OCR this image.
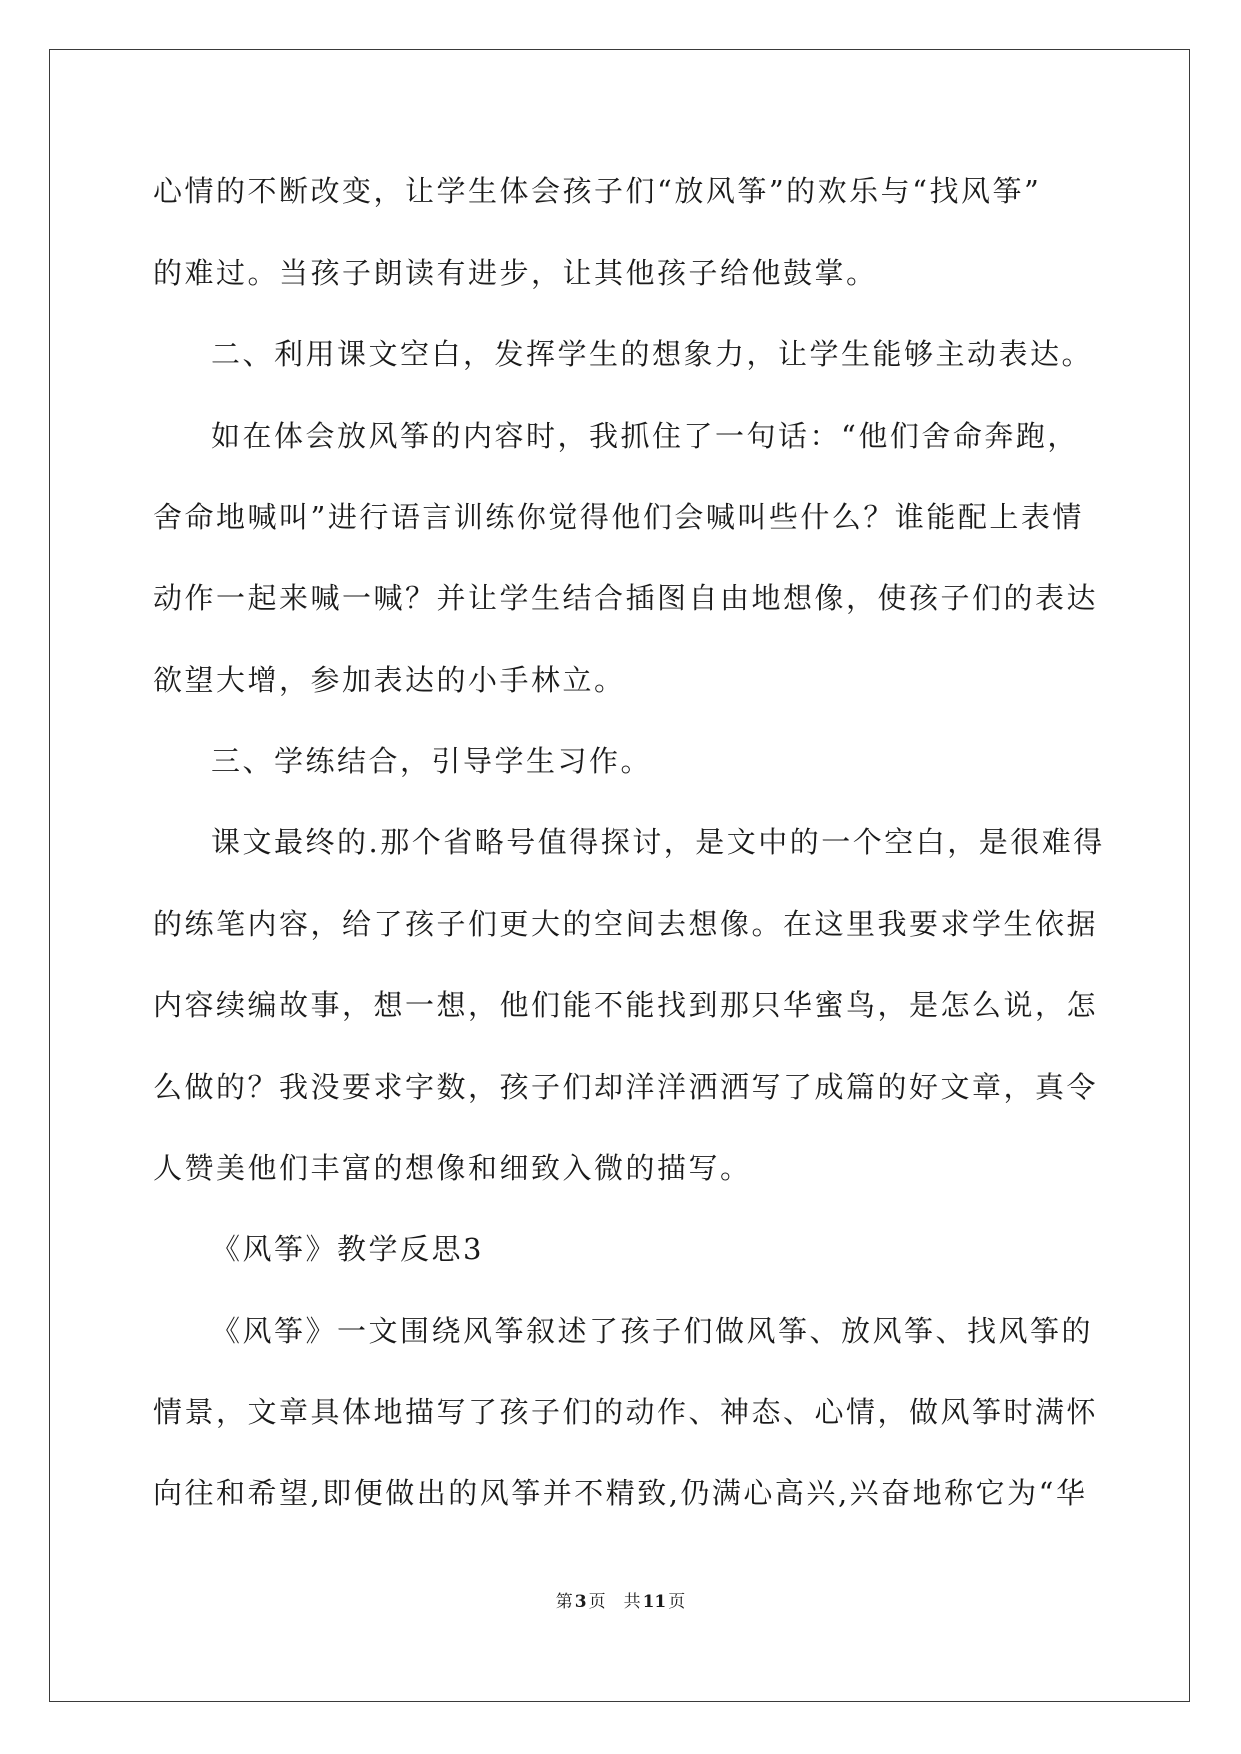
心情的不断改变，让学生体会孩子们“放风筝”的欢乐与“找风筝”
的难过。当孩子朗读有进步，让其他孩子给他鼓掌。
二、利用课文空白，发挥学生的想象力，让学生能够主动表达。
如在体会放风筝的内容时，我抓住了一句话：“他们舍命奔跑，
舍命地喊叫”进行语言训练你觉得他们会喊叫些什么？谁能配上表情
动作一起来喊一喊？并让学生结合插图自由地想像，使孩子们的表达
欲望大增，参加表达的小手林立。
三、学练结合，引导学生习作。
课文最终的.那个省略号值得探讨，是文中的一个空白，是很难得
的练笔内容，给了孩子们更大的空间去想像。在这里我要求学生依据
内容续编故事，想一想，他们能不能找到那只华蜜鸟，是怎么说，怎
么做的？我没要求字数，孩子们却洋洋洒洒写了成篇的好文章，真令
人赞美他们丰富的想像和细致入微的描写。
《风筝》教学反思3
《风筝》一文围绕风筝叙述了孩子们做风筝、放风筝、找风筝的
情景，文章具体地描写了孩子们的动作、神态、心情，做风筝时满怀
向往和希望,即便做出的风筝并不精致,仍满心高兴,兴奋地称它为“华
第 3 页 共 11 页
